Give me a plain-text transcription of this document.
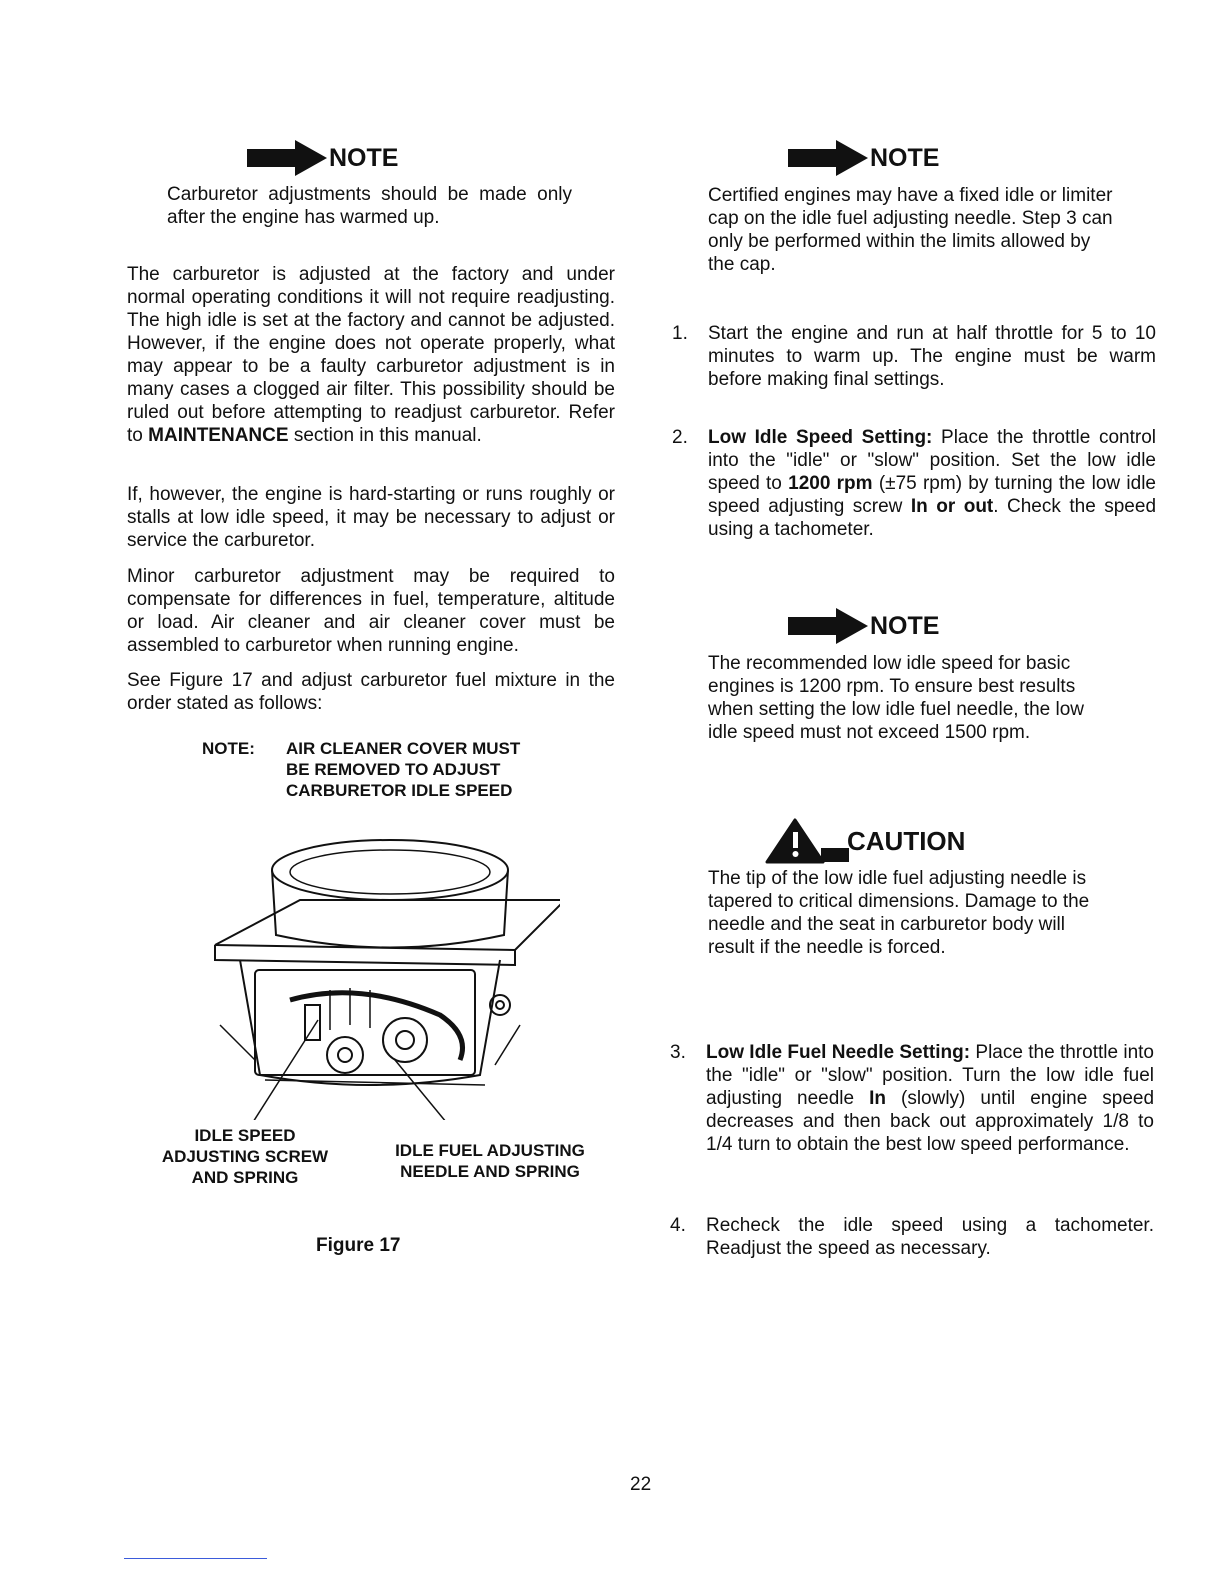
NOTE

Carburetor adjustments should be made only after the engine has warmed up.

The carburetor is adjusted at the factory and under normal operating conditions it will not require readjusting. The high idle is set at the factory and cannot be adjusted. However, if the engine does not operate properly, what may appear to be a faulty carburetor adjustment is in many cases a clogged air filter. This possibility should be ruled out before attempting to readjust carburetor. Refer to MAINTENANCE section in this manual.

If, however, the engine is hard-starting or runs roughly or stalls at low idle speed, it may be necessary to adjust or service the carburetor.

Minor carburetor adjustment may be required to compensate for differences in fuel, temperature, altitude or load. Air cleaner and air cleaner cover must be assembled to carburetor when running engine.

See Figure 17 and adjust carburetor fuel mixture in the order stated as follows:

NOTE: AIR CLEANER COVER MUST
BE REMOVED TO ADJUST
CARBURETOR IDLE SPEED
IDLE SPEED
ADJUSTING SCREW
AND SPRING
IDLE FUEL ADJUSTING
NEEDLE AND SPRING
Figure 17
NOTE

Certified engines may have a fixed idle or limiter cap on the idle fuel adjusting needle. Step 3 can only be performed within the limits allowed by the cap.

1. Start the engine and run at half throttle for 5 to 10 minutes to warm up. The engine must be warm before making final settings.

2. Low Idle Speed Setting: Place the throttle control into the "idle" or "slow" position. Set the low idle speed to 1200 rpm (±75 rpm) by turning the low idle speed adjusting screw In or out. Check the speed using a tachometer.

NOTE

The recommended low idle speed for basic engines is 1200 rpm. To ensure best results when setting the low idle fuel needle, the low idle speed must not exceed 1500 rpm.

CAUTION

The tip of the low idle fuel adjusting needle is tapered to critical dimensions. Damage to the needle and the seat in carburetor body will result if the needle is forced.

3. Low Idle Fuel Needle Setting: Place the throttle into the "idle" or "slow" position. Turn the low idle fuel adjusting needle In (slowly) until engine speed decreases and then back out approximately 1/8 to 1/4 turn to obtain the best low speed performance.

4. Recheck the idle speed using a tachometer. Readjust the speed as necessary.

22
